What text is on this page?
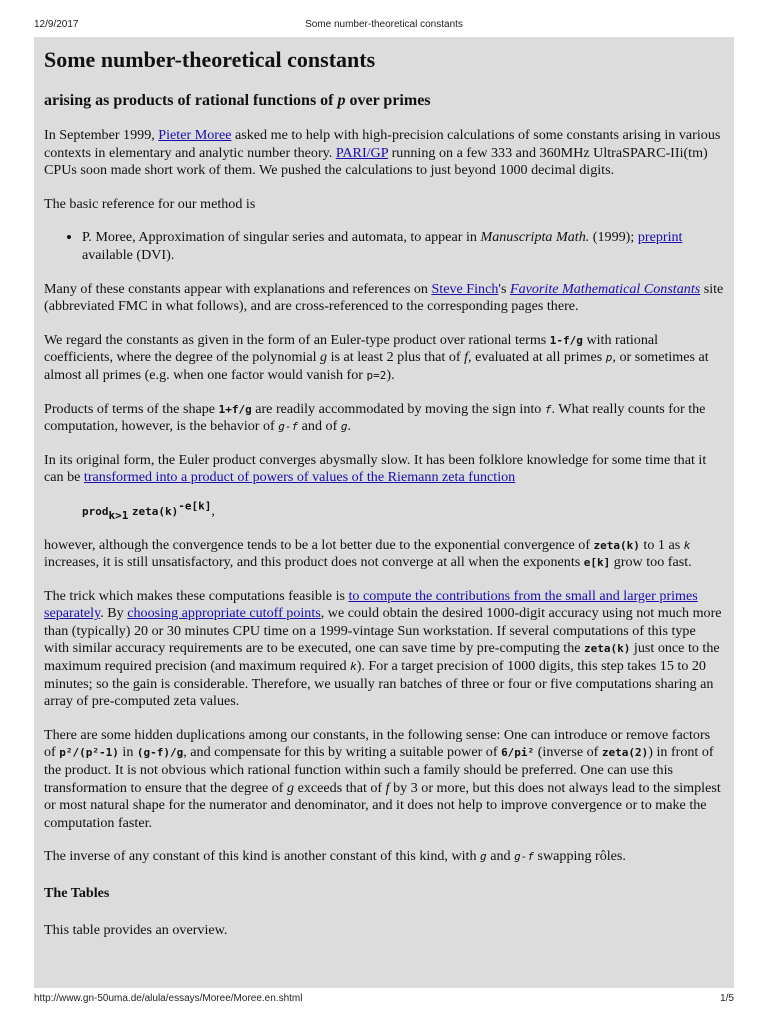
12/9/2017	Some number-theoretical constants
Some number-theoretical constants
arising as products of rational functions of p over primes

In September 1999, Pieter Moree asked me to help with high-precision calculations of some constants arising in various contexts in elementary and analytic number theory. PARI/GP running on a few 333 and 360MHz UltraSPARC-IIi(tm) CPUs soon made short work of them. We pushed the calculations to just beyond 1000 decimal digits.

The basic reference for our method is

• P. Moree, Approximation of singular series and automata, to appear in Manuscripta Math. (1999); preprint available (DVI).

Many of these constants appear with explanations and references on Steve Finch's Favorite Mathematical Constants site (abbreviated FMC in what follows), and are cross-referenced to the corresponding pages there.

We regard the constants as given in the form of an Euler-type product over rational terms 1-f/g with rational coefficients, where the degree of the polynomial g is at least 2 plus that of f, evaluated at all primes p, or sometimes at almost all primes (e.g. when one factor would vanish for p=2).

Products of terms of the shape 1+f/g are readily accommodated by moving the sign into f. What really counts for the computation, however, is the behavior of g-f and of g.

In its original form, the Euler product converges abysmally slow. It has been folklore knowledge for some time that it can be transformed into a product of powers of values of the Riemann zeta function

prod$_{k>1}$ $zeta(k)^{-e[k]}$,

however, although the convergence tends to be a lot better due to the exponential convergence of zeta(k) to 1 as k increases, it is still unsatisfactory, and this product does not converge at all when the exponents e[k] grow too fast.

The trick which makes these computations feasible is to compute the contributions from the small and larger primes separately. By choosing appropriate cutoff points, we could obtain the desired 1000-digit accuracy using not much more than (typically) 20 or 30 minutes CPU time on a 1999-vintage Sun workstation. If several computations of this type with similar accuracy requirements are to be executed, one can save time by pre-computing the zeta(k) just once to the maximum required precision (and maximum required k). For a target precision of 1000 digits, this step takes 15 to 20 minutes; so the gain is considerable. Therefore, we usually ran batches of three or four or five computations sharing an array of pre-computed zeta values.

There are some hidden duplications among our constants, in the following sense: One can introduce or remove factors of p²/(p²-1) in (g-f)/g, and compensate for this by writing a suitable power of 6/pi² (inverse of zeta(2)) in front of the product. It is not obvious which rational function within such a family should be preferred. One can use this transformation to ensure that the degree of g exceeds that of f by 3 or more, but this does not always lead to the simplest or most natural shape for the numerator and denominator, and it does not help to improve convergence or to make the computation faster.

The inverse of any constant of this kind is another constant of this kind, with g and g-f swapping rôles.

The Tables

This table provides an overview.

http://www.gn-50uma.de/alula/essays/Moree/Moree.en.shtml	1/5
